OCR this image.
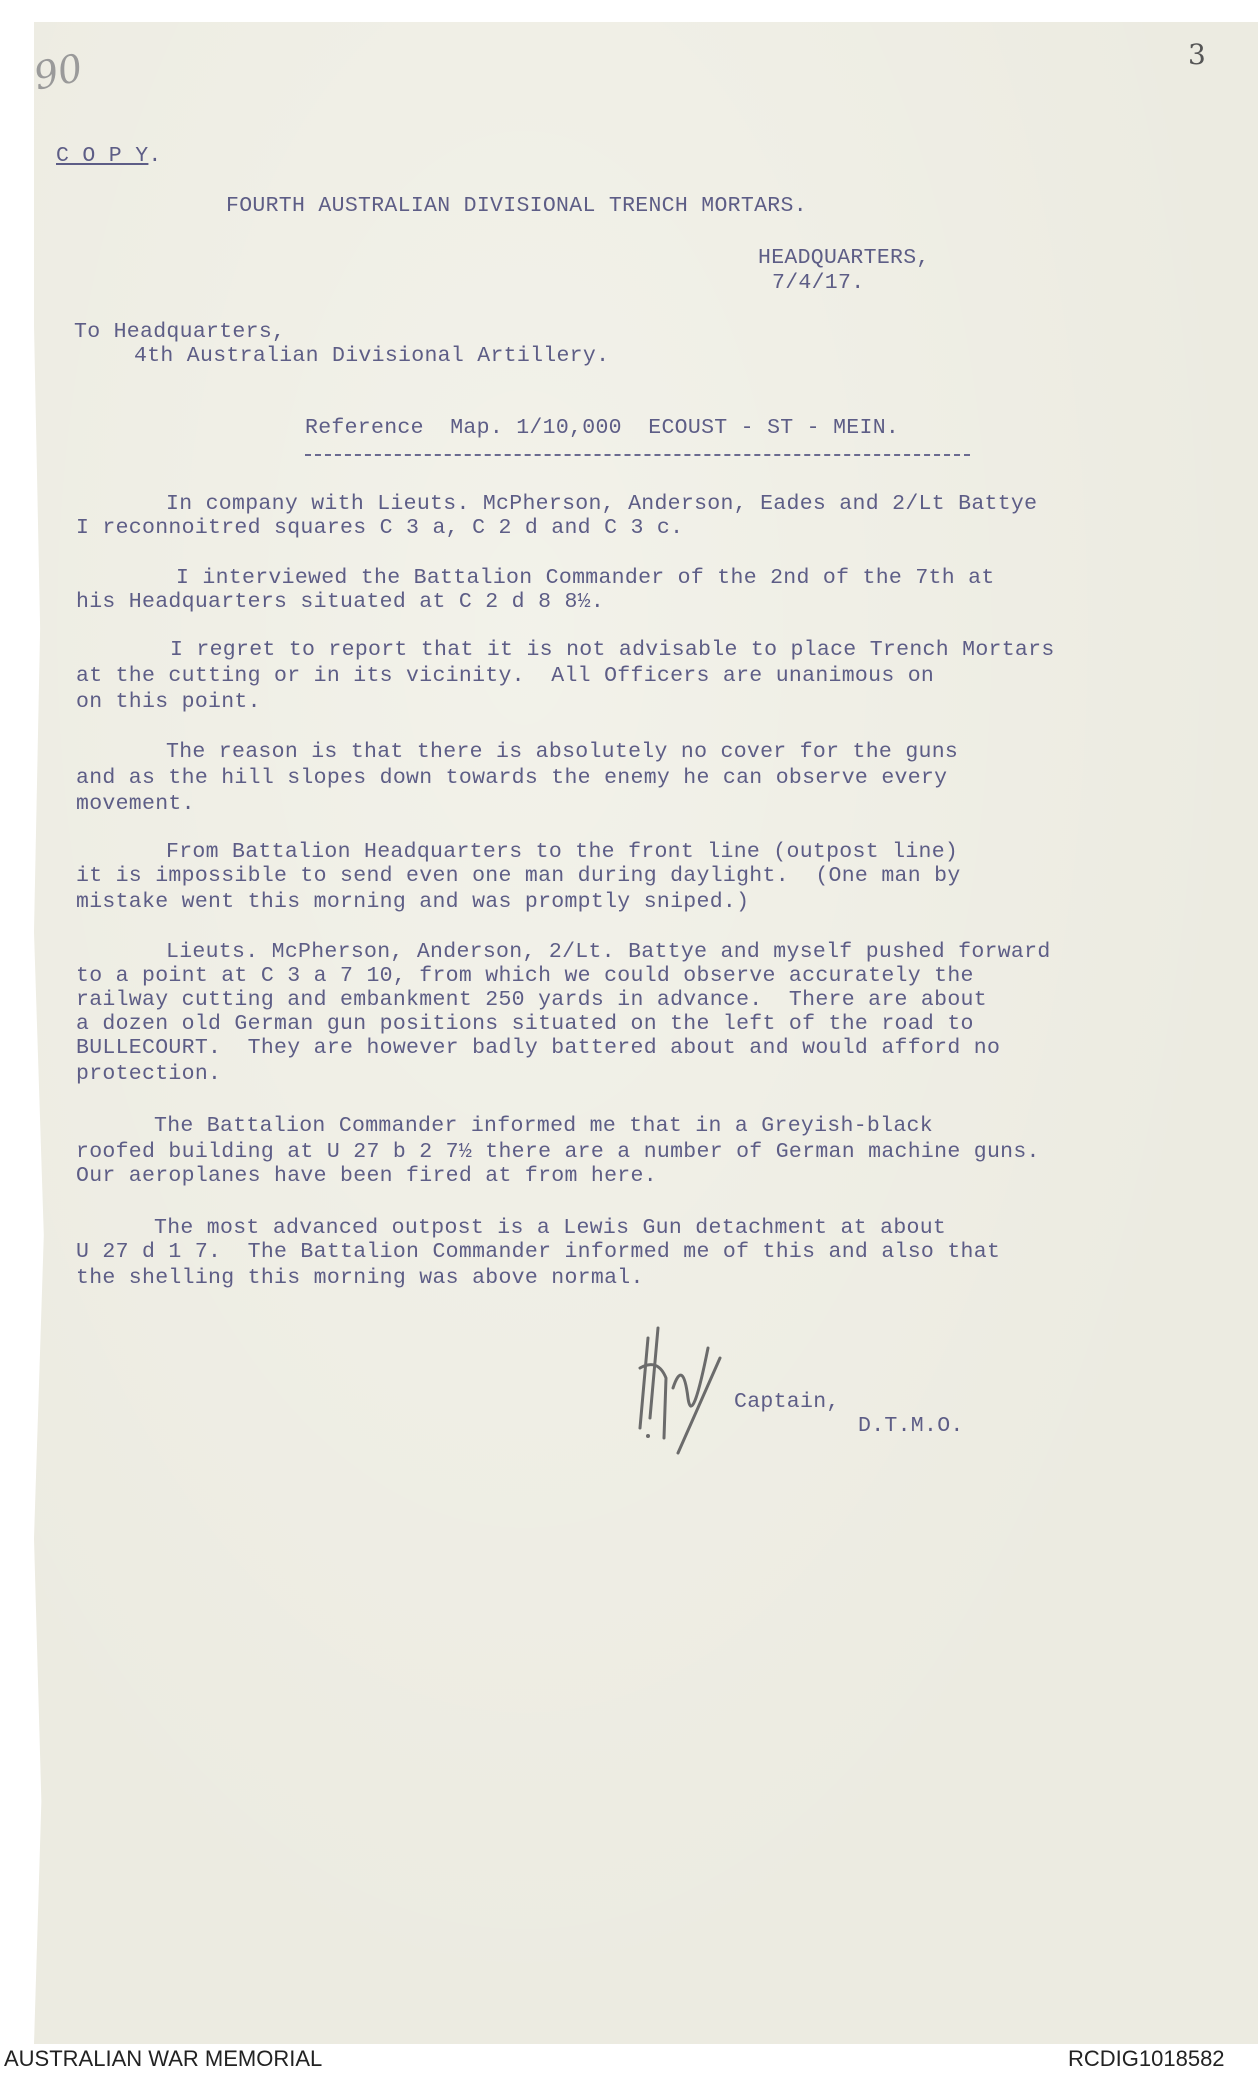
90	3
C O P Y.
FOURTH AUSTRALIAN DIVISIONAL TRENCH MORTARS.
HEADQUARTERS,
7/4/17.
To Headquarters,
4th Australian Divisional Artillery.
Reference  Map. 1/10,000  ECOUST - ST - MEIN.
In company with Lieuts. McPherson, Anderson, Eades and 2/Lt Battye
I reconnoitred squares C 3 a, C 2 d and C 3 c.
I interviewed the Battalion Commander of the 2nd of the 7th at
his Headquarters situated at C 2 d 8 8½.
I regret to report that it is not advisable to place Trench Mortars
at the cutting or in its vicinity.  All Officers are unanimous on
on this point.
The reason is that there is absolutely no cover for the guns
and as the hill slopes down towards the enemy he can observe every
movement.
From Battalion Headquarters to the front line (outpost line)
it is impossible to send even one man during daylight.  (One man by
mistake went this morning and was promptly sniped.)
Lieuts. McPherson, Anderson, 2/Lt. Battye and myself pushed forward
to a point at C 3 a 7 10, from which we could observe accurately the
railway cutting and embankment 250 yards in advance.  There are about
a dozen old German gun positions situated on the left of the road to
BULLECOURT.  They are however badly battered about and would afford no
protection.
The Battalion Commander informed me that in a Greyish-black
roofed building at U 27 b 2 7½ there are a number of German machine guns.
Our aeroplanes have been fired at from here.
The most advanced outpost is a Lewis Gun detachment at about
U 27 d 1 7.  The Battalion Commander informed me of this and also that
the shelling this morning was above normal.
Captain,
D.T.M.O.
AUSTRALIAN WAR MEMORIAL	RCDIG1018582
